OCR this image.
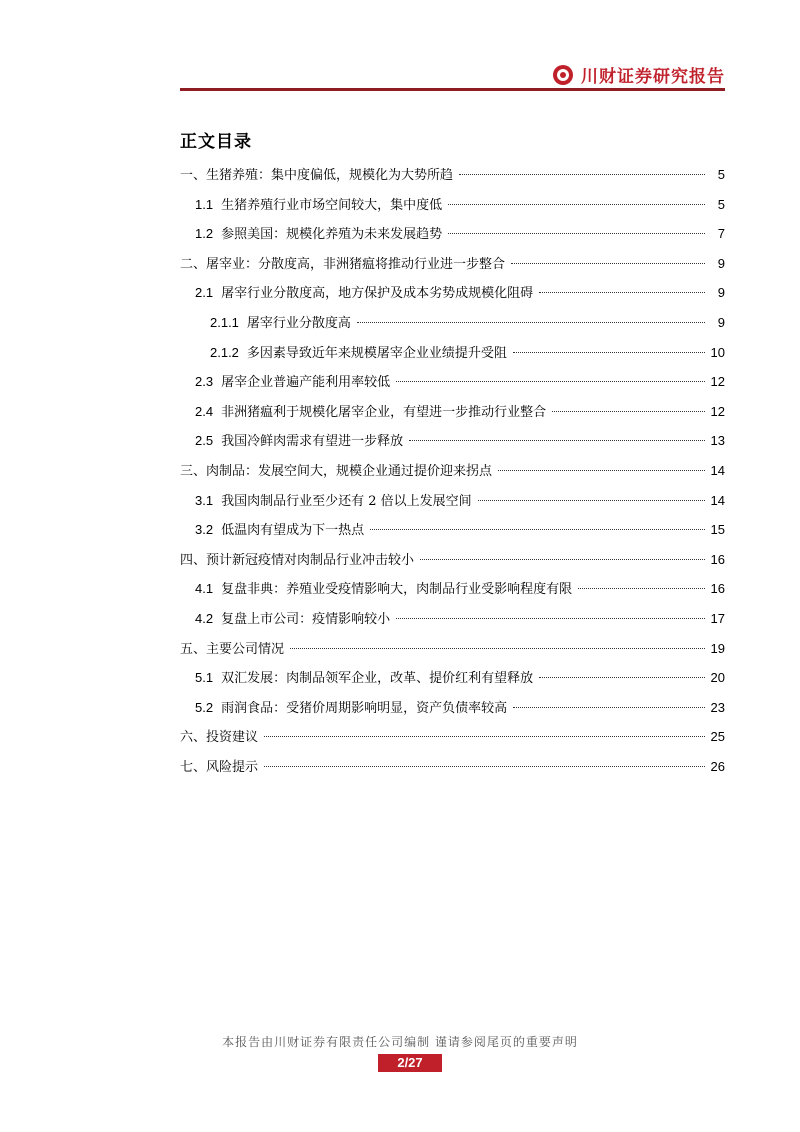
川财证券研究报告
正文目录
一、生猪养殖：集中度偏低，规模化为大势所趋	5
1.1 生猪养殖行业市场空间较大，集中度低	5
1.2 参照美国：规模化养殖为未来发展趋势	7
二、屠宰业：分散度高，非洲猪瘟将推动行业进一步整合	9
2.1 屠宰行业分散度高，地方保护及成本劣势成规模化阻碍	9
2.1.1 屠宰行业分散度高	9
2.1.2 多因素导致近年来规模屠宰企业业绩提升受阻	10
2.3 屠宰企业普遍产能利用率较低	12
2.4 非洲猪瘟利于规模化屠宰企业，有望进一步推动行业整合	12
2.5 我国冷鲜肉需求有望进一步释放	13
三、肉制品：发展空间大，规模企业通过提价迎来拐点	14
3.1 我国肉制品行业至少还有 2 倍以上发展空间	14
3.2 低温肉有望成为下一热点	15
四、预计新冠疫情对肉制品行业冲击较小	16
4.1 复盘非典：养殖业受疫情影响大，肉制品行业受影响程度有限	16
4.2 复盘上市公司：疫情影响较小	17
五、主要公司情况	19
5.1 双汇发展：肉制品领军企业，改革、提价红利有望释放	20
5.2 雨润食品：受猪价周期影响明显，资产负债率较高	23
六、投资建议	25
七、风险提示	26
本报告由川财证券有限责任公司编制 谨请参阅尾页的重要声明
2/27
